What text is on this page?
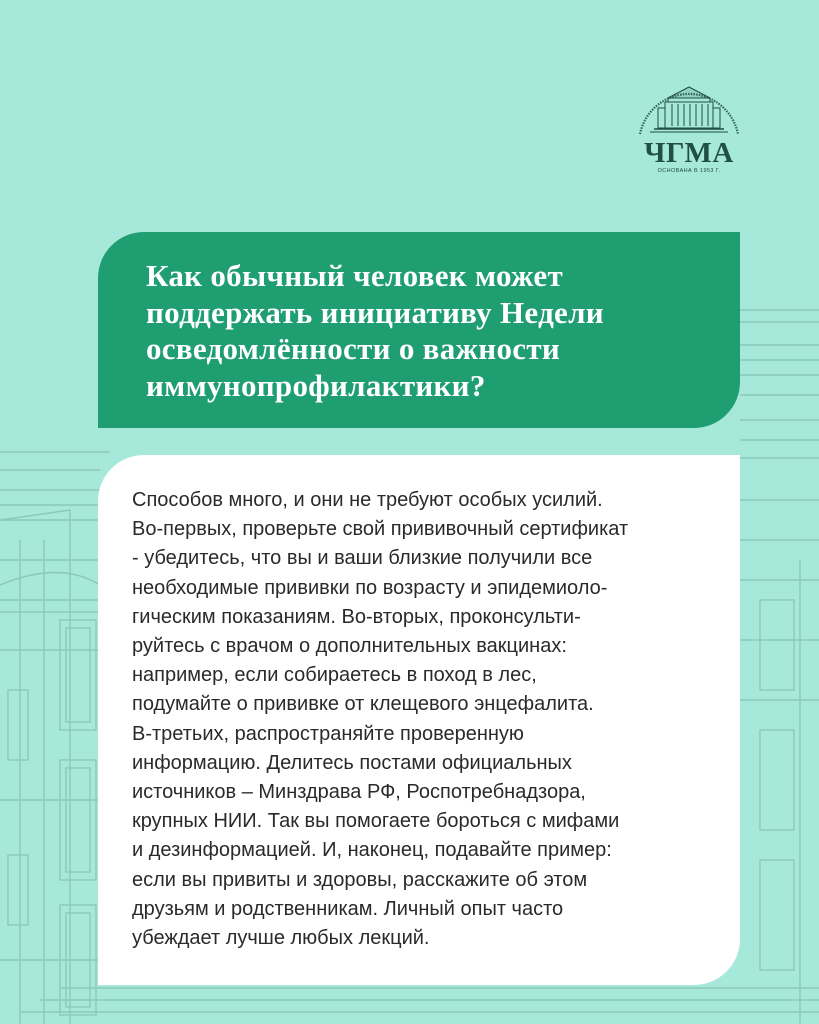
ЧГМА
ОСНОВАНА В 1953 Г.
Как обычный человек может
поддержать инициативу Недели
осведомлённости о важности
иммунопрофилактики?
Способов много, и они не требуют особых усилий.
Во-первых, проверьте свой прививочный сертификат
- убедитесь, что вы и ваши близкие получили все
необходимые прививки по возрасту и эпидемиоло-
гическим показаниям. Во-вторых, проконсульти-
руйтесь с врачом о дополнительных вакцинах:
например, если собираетесь в поход в лес,
подумайте о прививке от клещевого энцефалита.
В-третьих, распространяйте проверенную
информацию. Делитесь постами официальных
источников – Минздрава РФ, Роспотребнадзора,
крупных НИИ. Так вы помогаете бороться с мифами
и дезинформацией. И, наконец, подавайте пример:
если вы привиты и здоровы, расскажите об этом
друзьям и родственникам. Личный опыт часто
убеждает лучше любых лекций.
